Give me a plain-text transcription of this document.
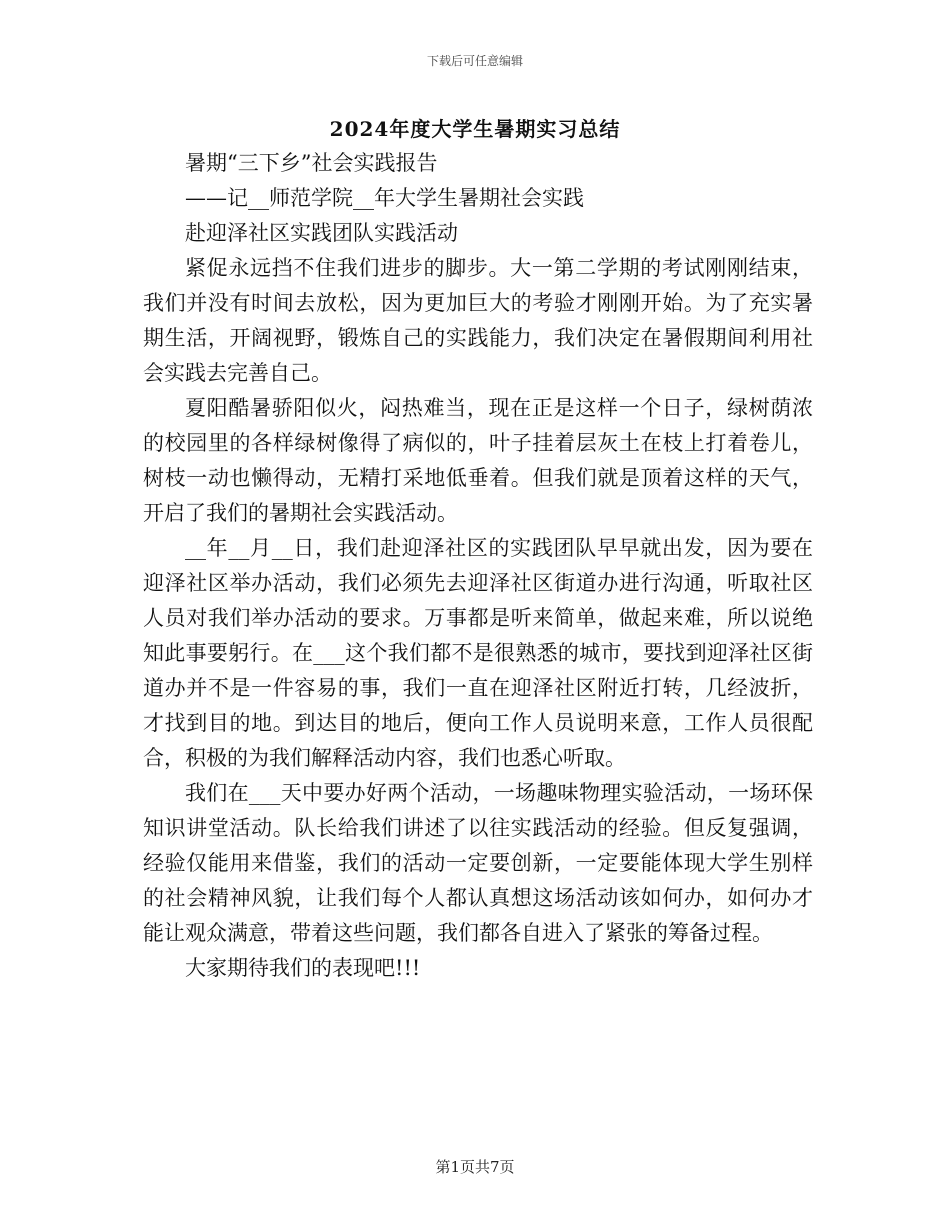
下载后可任意编辑
2024年度大学生暑期实习总结

暑期“三下乡”社会实践报告

——记__师范学院__年大学生暑期社会实践

赴迎泽社区实践团队实践活动

紧促永远挡不住我们进步的脚步。大一第二学期的考试刚刚结束，我们并没有时间去放松，因为更加巨大的考验才刚刚开始。为了充实暑期生活，开阔视野，锻炼自己的实践能力，我们决定在暑假期间利用社会实践去完善自己。

夏阳酷暑骄阳似火，闷热难当，现在正是这样一个日子，绿树荫浓的校园里的各样绿树像得了病似的，叶子挂着层灰土在枝上打着卷儿，树枝一动也懒得动，无精打采地低垂着。但我们就是顶着这样的天气，开启了我们的暑期社会实践活动。

__年__月__日，我们赴迎泽社区的实践团队早早就出发，因为要在迎泽社区举办活动，我们必须先去迎泽社区街道办进行沟通，听取社区人员对我们举办活动的要求。万事都是听来简单，做起来难，所以说绝知此事要躬行。在___这个我们都不是很熟悉的城市，要找到迎泽社区街道办并不是一件容易的事，我们一直在迎泽社区附近打转，几经波折，才找到目的地。到达目的地后，便向工作人员说明来意，工作人员很配合，积极的为我们解释活动内容，我们也悉心听取。

我们在___天中要办好两个活动，一场趣味物理实验活动，一场环保知识讲堂活动。队长给我们讲述了以往实践活动的经验。但反复强调，经验仅能用来借鉴，我们的活动一定要创新，一定要能体现大学生别样的社会精神风貌，让我们每个人都认真想这场活动该如何办，如何办才能让观众满意，带着这些问题，我们都各自进入了紧张的筹备过程。

大家期待我们的表现吧!!!

第1页共7页
